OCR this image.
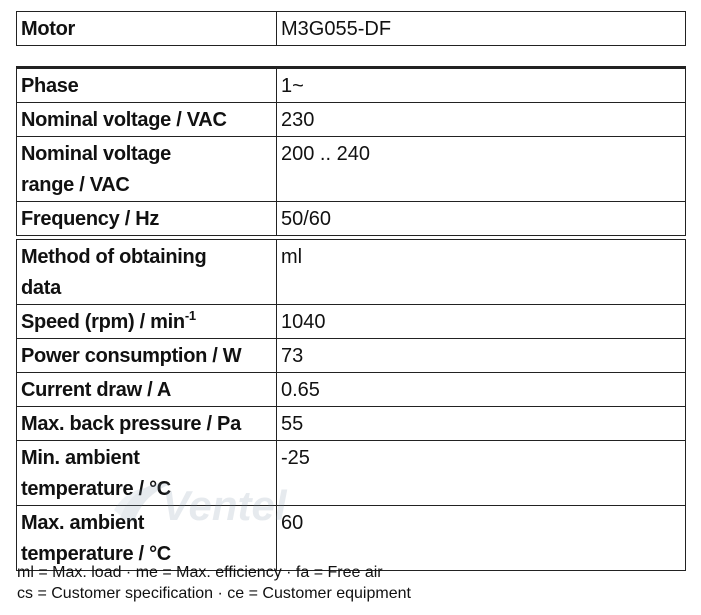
Motor	M3G055-DF
Phase	1~
Nominal voltage / VAC	230

Nominal voltage
range / VAC	200 .. 240
Frequency / Hz	50/60
Method of obtaining
data	ml
Speed $(rpm) / \min^{-1}$	1040
Power consumption / W	73
Current draw / A	0.65
Max. back pressure / Pa	55

Min. ambient
temperature / °C	-25

Max. ambient
temperature / °C	60
Ventel
ml = Max. load · me = Max. efficiency · fa = Free air
cs = Customer specification · ce = Customer equipment
